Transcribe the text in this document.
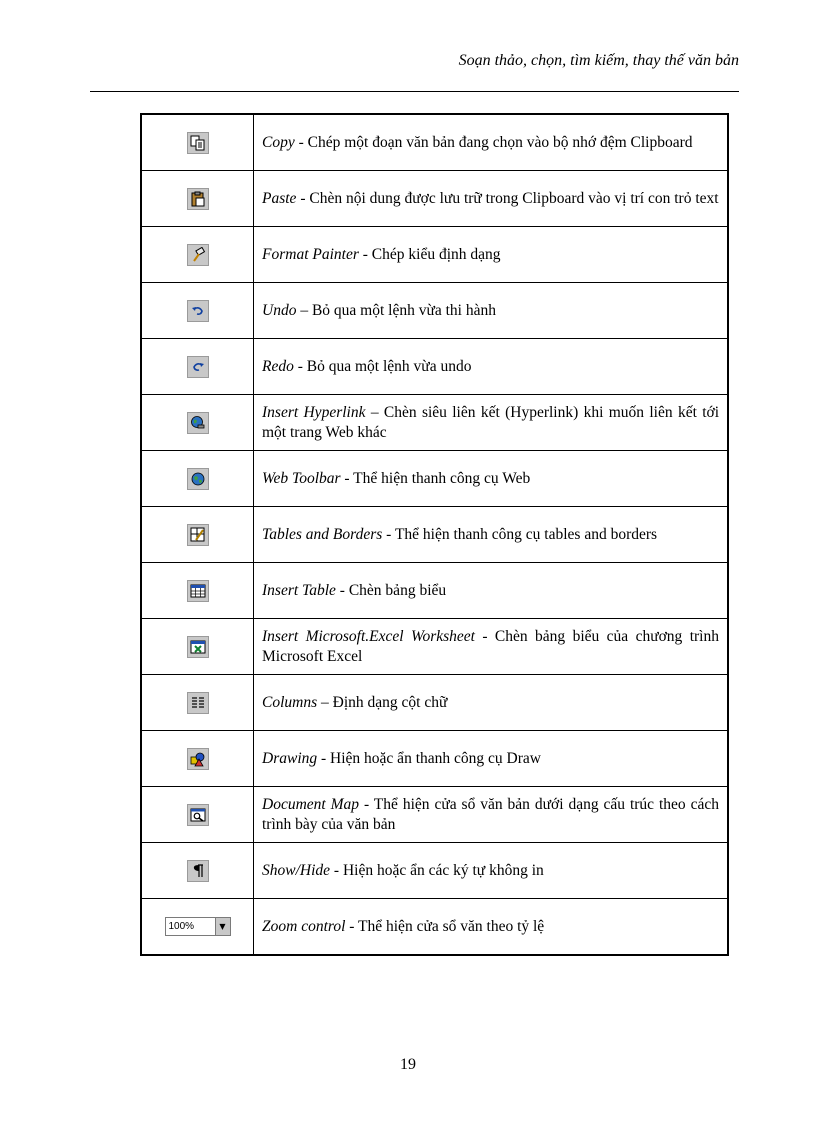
Soạn thảo, chọn, tìm kiếm, thay thế văn bản
	Copy - Chép một đoạn văn bản đang chọn vào bộ nhớ đệm Clipboard

	Paste - Chèn nội dung được lưu trữ trong Clipboard vào vị trí con trỏ text

	Format Painter - Chép kiểu định dạng

	Undo – Bỏ qua một lệnh vừa thi hành

	Redo - Bỏ qua một lệnh vừa undo

	Insert Hyperlink – Chèn siêu liên kết (Hyperlink) khi muốn liên kết tới một trang Web khác

	Web Toolbar - Thể hiện thanh công cụ Web

	Tables and Borders - Thể hiện thanh công cụ tables and borders

	Insert Table - Chèn bảng biểu

	Insert Microsoft.Excel Worksheet - Chèn bảng biểu của chương trình Microsoft Excel

	Columns – Định dạng cột chữ

	Drawing - Hiện hoặc ẩn thanh công cụ Draw

	Document Map - Thể hiện cửa sổ văn bản dưới dạng cấu trúc theo cách trình bày của văn bản

	Show/Hide - Hiện hoặc ẩn các ký tự không in

100% ▼	Zoom control - Thể hiện cửa sổ văn theo tỷ lệ
19
